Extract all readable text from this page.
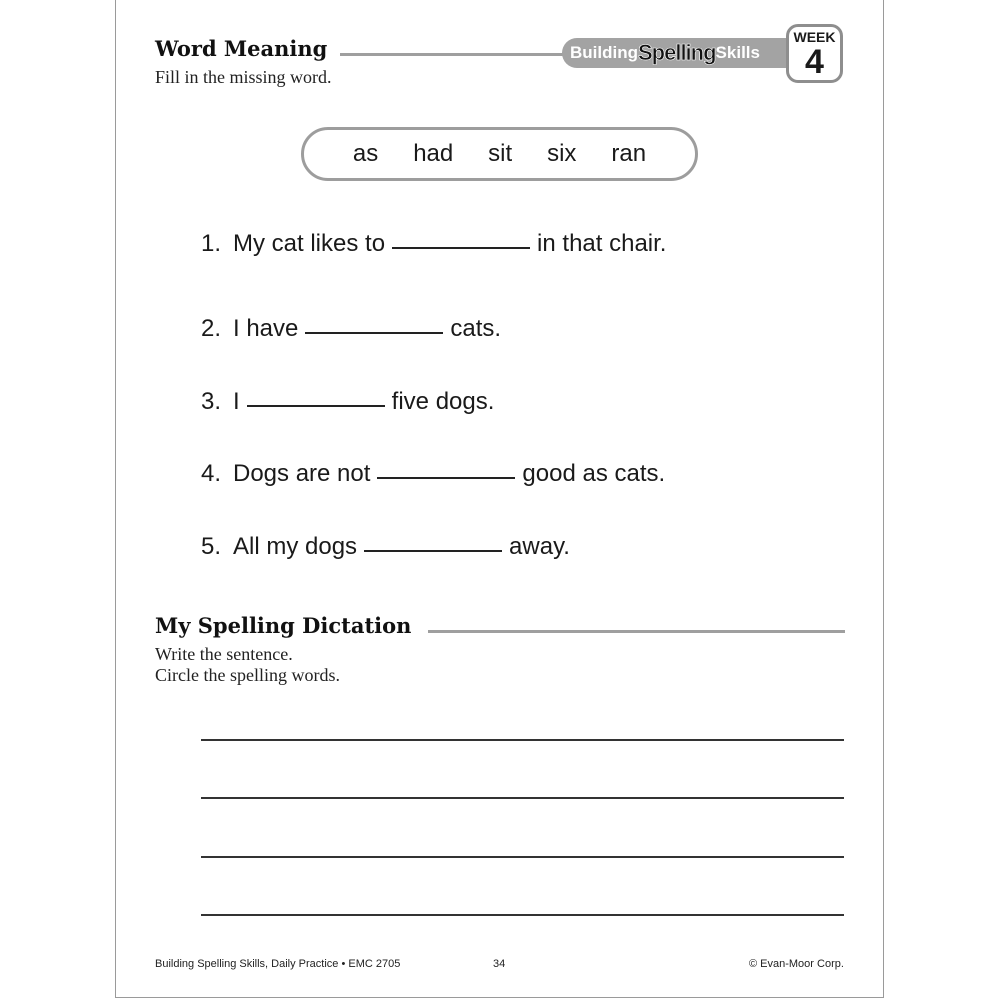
Word Meaning
Fill in the missing word.
Building Spelling Skills
WEEK
4
as had sit six ran
1. My cat likes to	in that chair.
2. I have	cats.
3. I	five dogs.
4. Dogs are not	good as cats.
5. All my dogs	away.
My Spelling Dictation
Write the sentence.
Circle the spelling words.
Building Spelling Skills, Daily Practice • EMC 2705	34	© Evan-Moor Corp.
